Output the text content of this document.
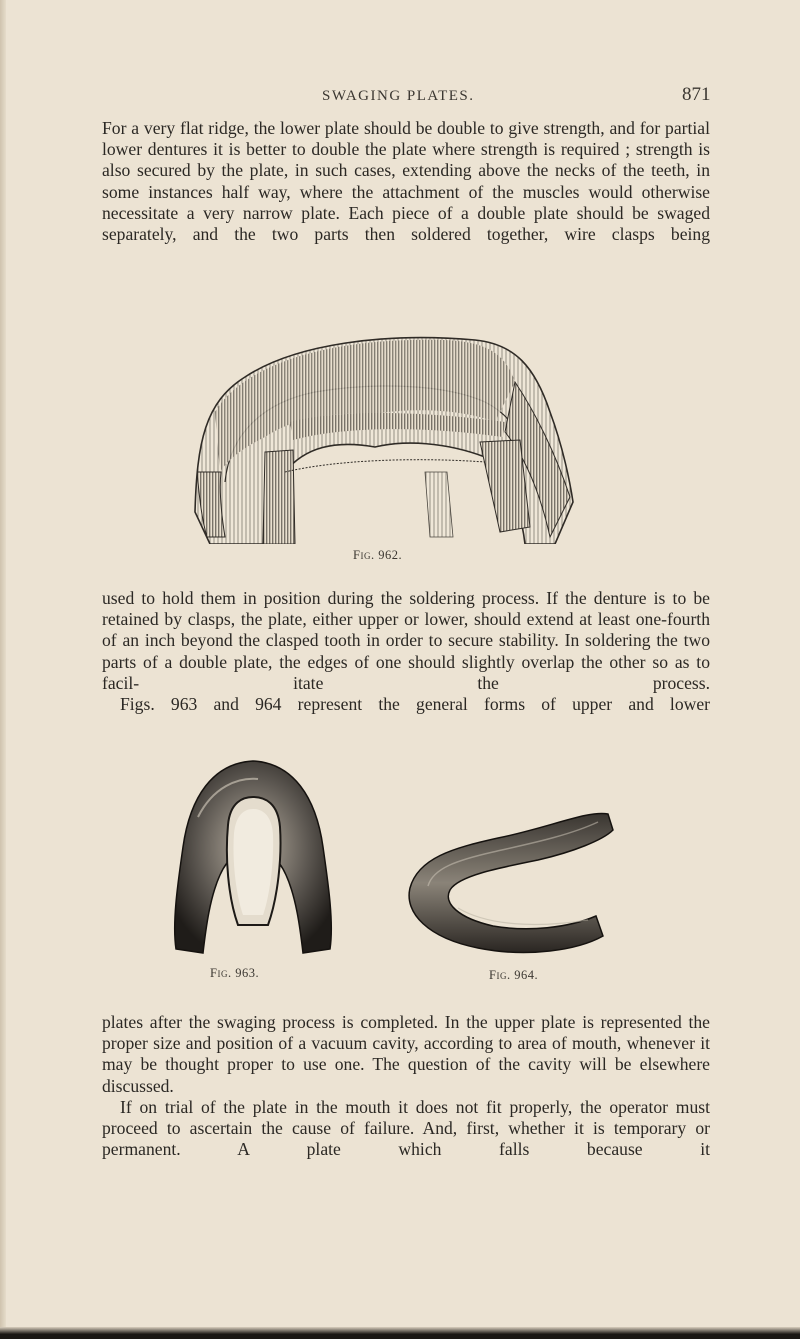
SWAGING PLATES.	871

For a very flat ridge, the lower plate should be double to give strength, and for partial lower dentures it is better to double the plate where strength is required ; strength is also secured by the plate, in such cases, extending above the necks of the teeth, in some instances half way, where the attachment of the muscles would otherwise necessitate a very narrow plate. Each piece of a double plate should be swaged separately, and the two parts then soldered together, wire clasps being

Fig. 962.

used to hold them in position during the soldering process. If the denture is to be retained by clasps, the plate, either upper or lower, should extend at least one-fourth of an inch beyond the clasped tooth in order to secure stability. In soldering the two parts of a double plate, the edges of one should slightly overlap the other so as to facil- itate the process.

Figs. 963 and 964 represent the general forms of upper and lower

Fig. 963.	Fig. 964.

plates after the swaging process is completed. In the upper plate is represented the proper size and position of a vacuum cavity, according to area of mouth, whenever it may be thought proper to use one. The question of the cavity will be elsewhere discussed.

If on trial of the plate in the mouth it does not fit properly, the operator must proceed to ascertain the cause of failure. And, first, whether it is temporary or permanent. A plate which falls because it
